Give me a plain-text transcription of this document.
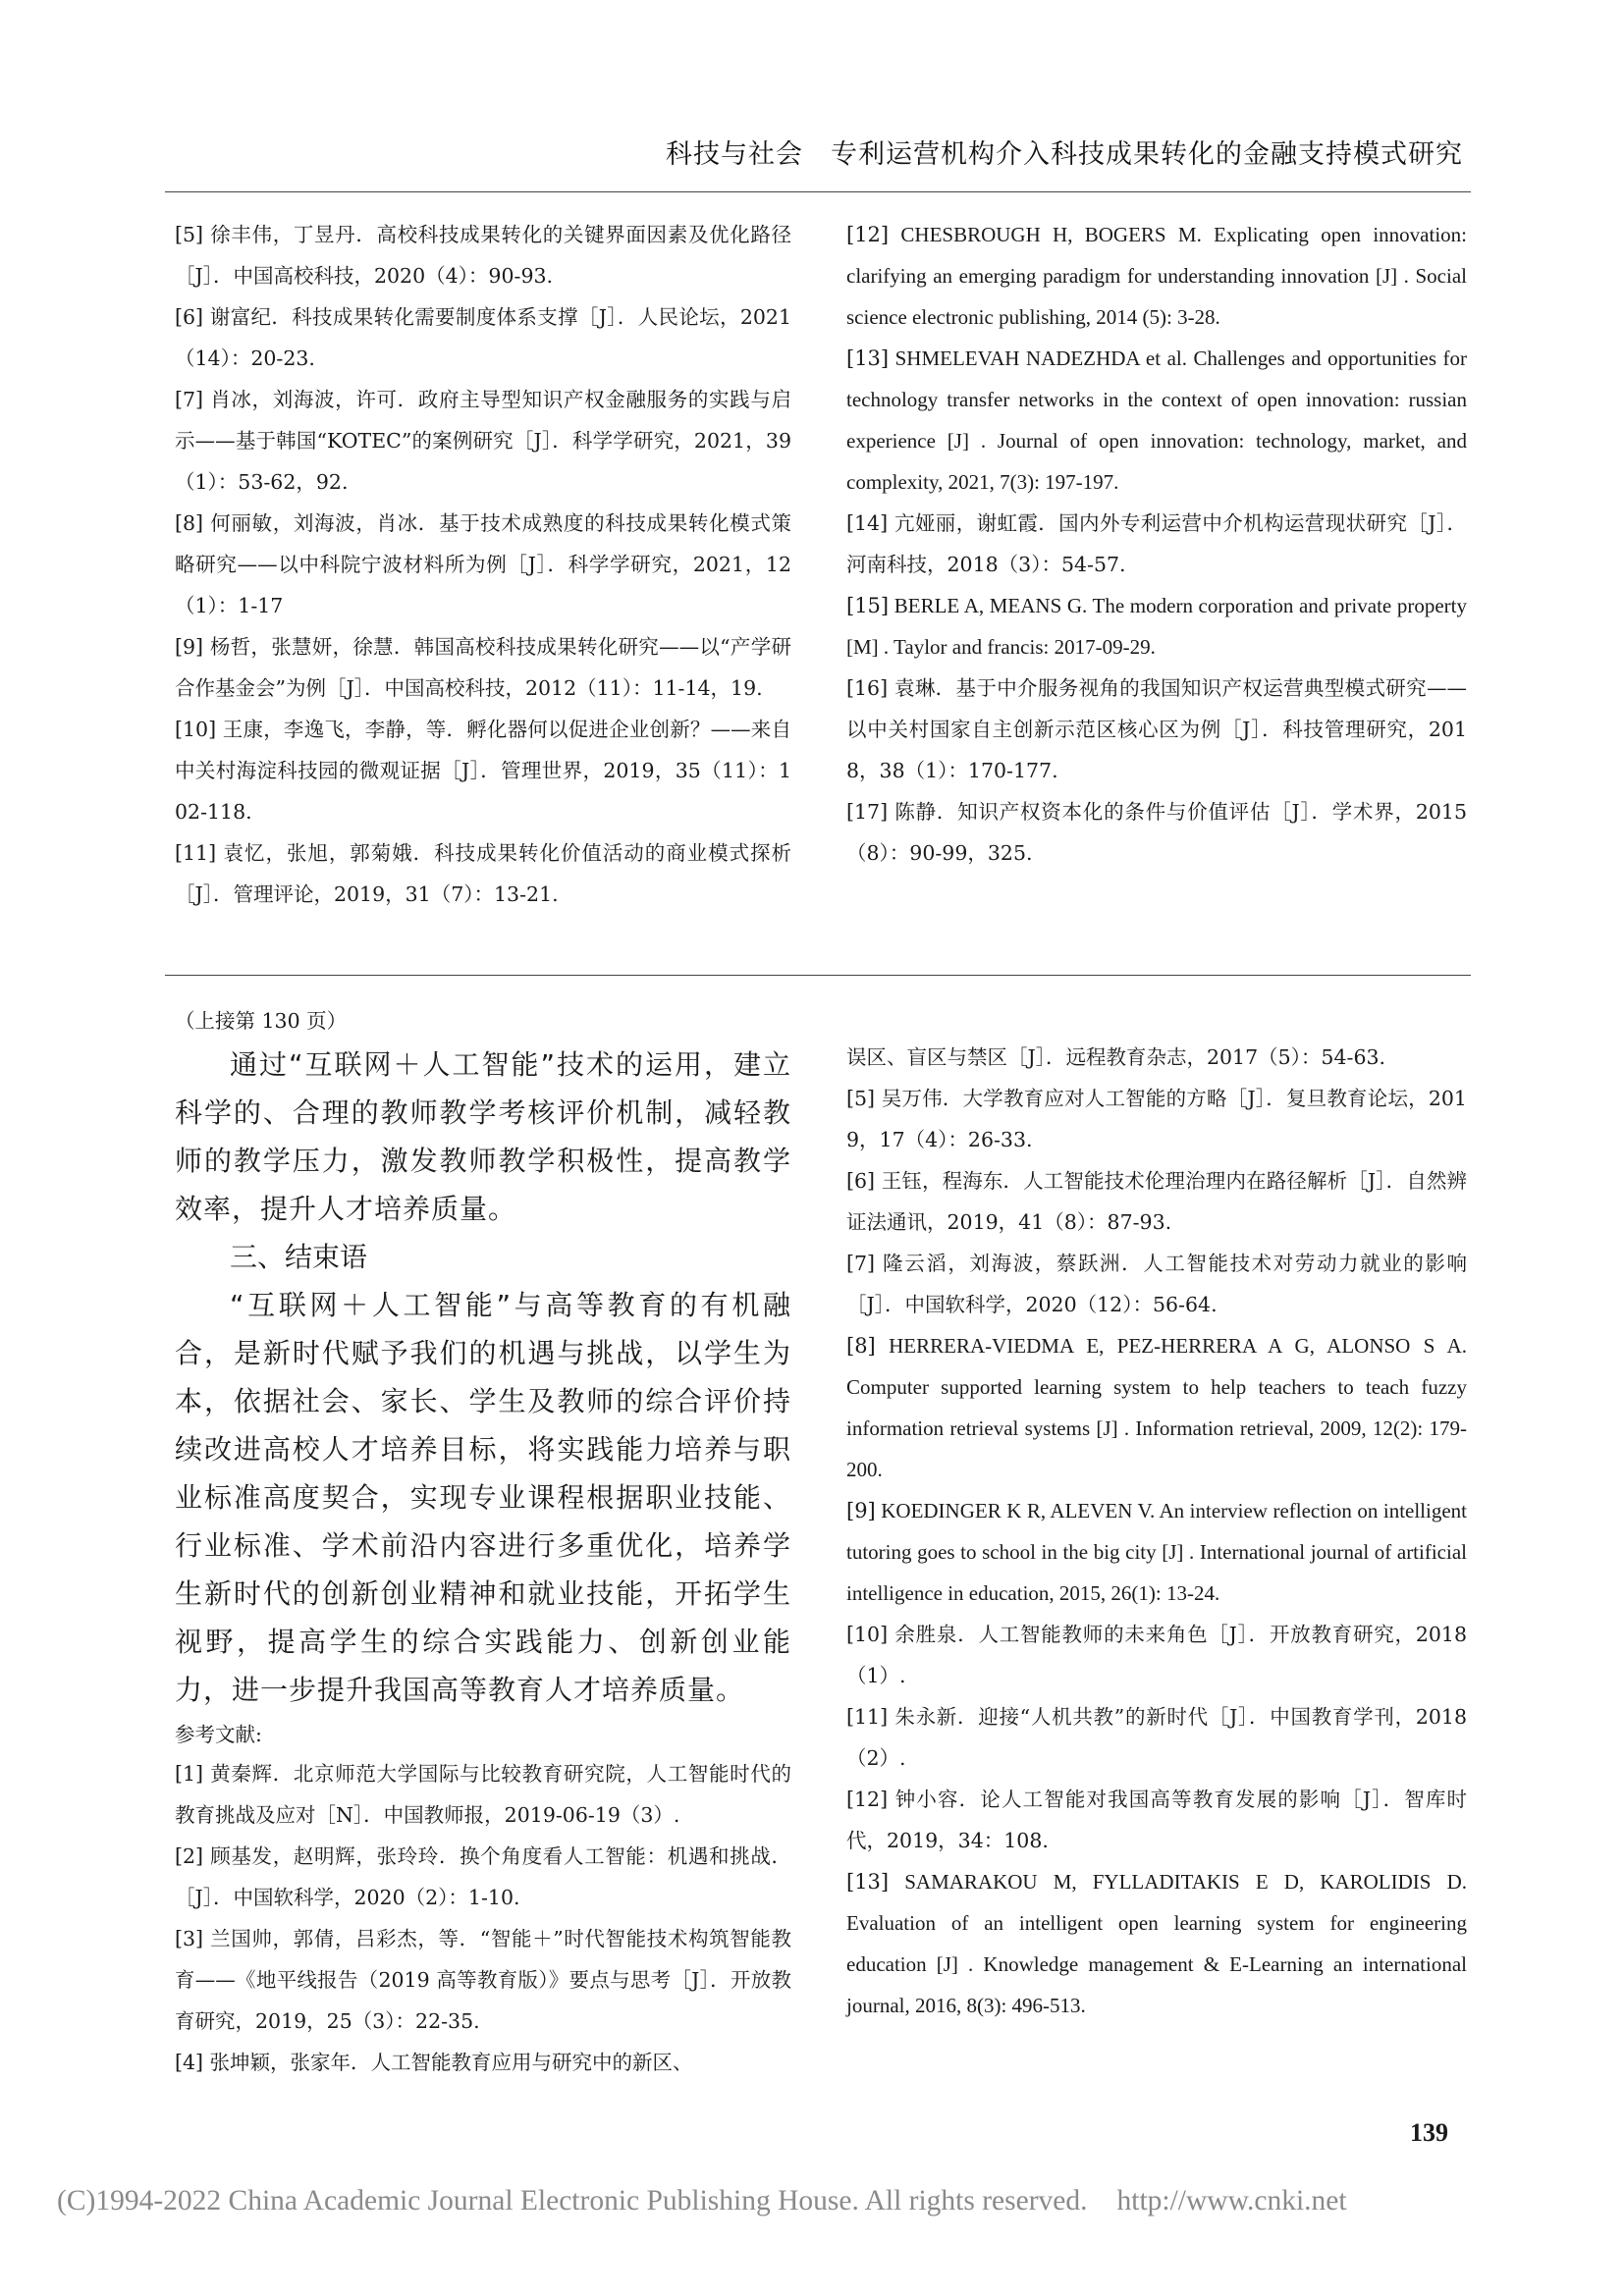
科技与社会 专利运营机构介入科技成果转化的金融支持模式研究

[5] 徐丰伟，丁昱丹．高校科技成果转化的关键界面因素及优化路径［J］．中国高校科技，2020（4）：90-93.

[6] 谢富纪．科技成果转化需要制度体系支撑［J］．人民论坛，2021（14）：20-23.

[7] 肖冰，刘海波，许可．政府主导型知识产权金融服务的实践与启示——基于韩国“KOTEC”的案例研究［J］．科学学研究，2021，39（1）：53-62，92.

[8] 何丽敏，刘海波，肖冰．基于技术成熟度的科技成果转化模式策略研究——以中科院宁波材料所为例［J］．科学学研究，2021，12（1）：1-17

[9] 杨哲，张慧妍，徐慧．韩国高校科技成果转化研究——以“产学研合作基金会”为例［J］．中国高校科技，2012（11）：11-14，19.

[10] 王康，李逸飞，李静，等．孵化器何以促进企业创新？——来自中关村海淀科技园的微观证据［J］．管理世界，2019，35（11）：102-118.

[11] 袁忆，张旭，郭菊娥．科技成果转化价值活动的商业模式探析［J］．管理评论，2019，31（7）：13-21.

[12] CHESBROUGH H, BOGERS M. Explicating open innovation: clarifying an emerging paradigm for understanding innovation [J] . Social science electronic publishing, 2014 (5): 3-28.

[13] SHMELEVAH NADEZHDA et al. Challenges and opportunities for technology transfer networks in the context of open innovation: russian experience [J] . Journal of open innovation: technology, market, and complexity, 2021, 7(3): 197-197.

[14] 亢娅丽，谢虹霞．国内外专利运营中介机构运营现状研究［J］．河南科技，2018（3）：54-57.

[15] BERLE A, MEANS G. The modern corporation and private property [M] . Taylor and francis: 2017-09-29.

[16] 袁琳．基于中介服务视角的我国知识产权运营典型模式研究——以中关村国家自主创新示范区核心区为例［J］．科技管理研究，2018，38（1）：170-177.

[17] 陈静．知识产权资本化的条件与价值评估［J］．学术界，2015（8）：90-99，325.

（上接第 130 页）

通过“互联网＋人工智能”技术的运用，建立科学的、合理的教师教学考核评价机制，减轻教师的教学压力，激发教师教学积极性，提高教学效率，提升人才培养质量。

三、结束语

“互联网＋人工智能”与高等教育的有机融合，是新时代赋予我们的机遇与挑战，以学生为本，依据社会、家长、学生及教师的综合评价持续改进高校人才培养目标，将实践能力培养与职业标准高度契合，实现专业课程根据职业技能、行业标准、学术前沿内容进行多重优化，培养学生新时代的创新创业精神和就业技能，开拓学生视野，提高学生的综合实践能力、创新创业能力，进一步提升我国高等教育人才培养质量。

参考文献:

[1] 黄秦辉．北京师范大学国际与比较教育研究院，人工智能时代的教育挑战及应对［N］．中国教师报，2019-06-19（3）.

[2] 顾基发，赵明辉，张玲玲．换个角度看人工智能：机遇和挑战．［J］．中国软科学，2020（2）：1-10.

[3] 兰国帅，郭倩，吕彩杰，等．“智能＋”时代智能技术构筑智能教育——《地平线报告（2019 高等教育版）》要点与思考［J］．开放教育研究，2019，25（3）：22-35.

[4] 张坤颖，张家年．人工智能教育应用与研究中的新区、

误区、盲区与禁区［J］．远程教育杂志，2017（5）：54-63.

[5] 吴万伟．大学教育应对人工智能的方略［J］．复旦教育论坛，2019，17（4）：26-33.

[6] 王钰，程海东．人工智能技术伦理治理内在路径解析［J］．自然辨证法通讯，2019，41（8）：87-93.

[7] 隆云滔，刘海波，蔡跃洲．人工智能技术对劳动力就业的影响［J］．中国软科学，2020（12）：56-64.

[8] HERRERA-VIEDMA E, PEZ-HERRERA A G, ALONSO S A. Computer supported learning system to help teachers to teach fuzzy information retrieval systems [J] . Information retrieval, 2009, 12(2): 179-200.

[9] KOEDINGER K R, ALEVEN V. An interview reflection on intelligent tutoring goes to school in the big city [J] . International journal of artificial intelligence in education, 2015, 26(1): 13-24.

[10] 余胜泉．人工智能教师的未来角色［J］．开放教育研究，2018（1）.

[11] 朱永新．迎接“人机共教”的新时代［J］．中国教育学刊，2018（2）.

[12] 钟小容．论人工智能对我国高等教育发展的影响［J］．智库时代，2019，34：108.

[13] SAMARAKOU M, FYLLADITAKIS E D, KAROLIDIS D. Evaluation of an intelligent open learning system for engineering education [J] . Knowledge management & E-Learning an international journal, 2016, 8(3): 496-513.

139
(C)1994-2022 China Academic Journal Electronic Publishing House. All rights reserved. http://www.cnki.net
